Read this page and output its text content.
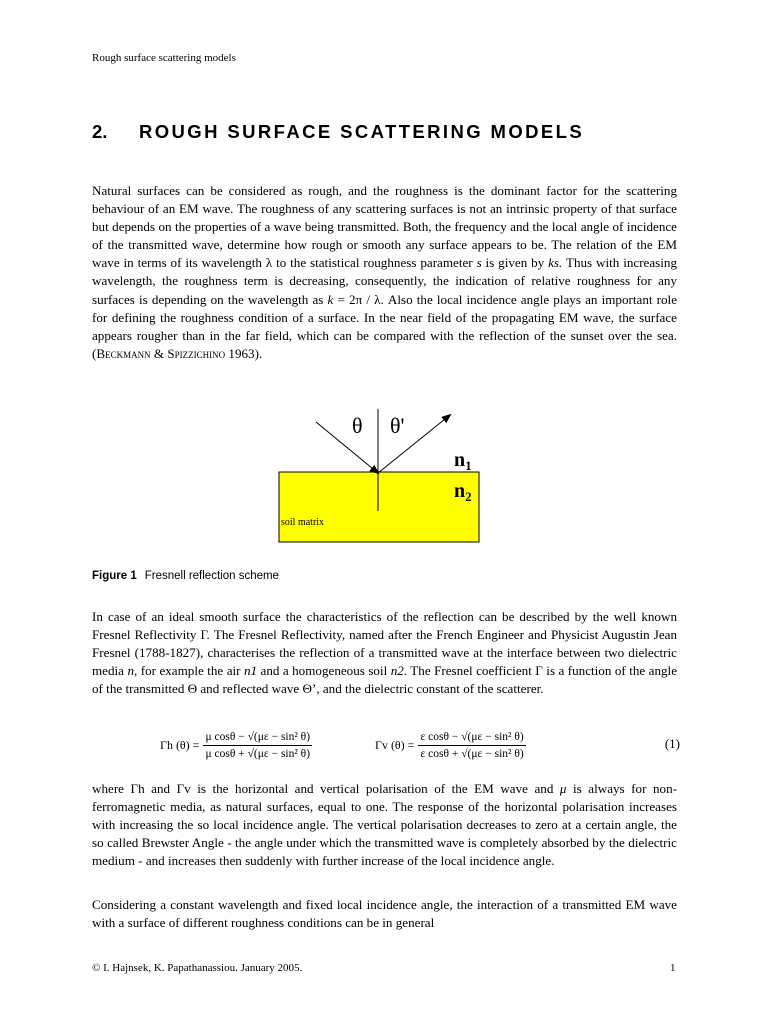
Rough surface scattering models
2. ROUGH SURFACE SCATTERING MODELS

Natural surfaces can be considered as rough, and the roughness is the dominant factor for the scattering behaviour of an EM wave. The roughness of any scattering surfaces is not an intrinsic property of that surface but depends on the properties of a wave being transmitted. Both, the frequency and the local angle of incidence of the transmitted wave, determine how rough or smooth any surface appears to be. The relation of the EM wave in terms of its wavelength λ to the statistical roughness parameter s is given by ks. Thus with increasing wavelength, the roughness term is decreasing, consequently, the indication of relative roughness for any surfaces is depending on the wavelength as k = 2π / λ. Also the local incidence angle plays an important role for defining the roughness condition of a surface. In the near field of the propagating EM wave, the surface appears rougher than in the far field, which can be compared with the reflection of the sunset over the sea. (Beckmann & Spizzichino 1963).

θ θ'
$n_1$
$n_2$
soil matrix
Figure 1 Fresnell reflection scheme

In case of an ideal smooth surface the characteristics of the reflection can be described by the well known Fresnel Reflectivity Γ. The Fresnel Reflectivity, named after the French Engineer and Physicist Augustin Jean Fresnel (1788-1827), characterises the reflection of a transmitted wave at the interface between two dielectric media n, for example the air n1 and a homogeneous soil n2. The Fresnel coefficient Γ is a function of the angle of the transmitted Θ and reflected wave Θ’, and the dielectric constant of the scatterer.

Γh $(\theta) = \frac{\text{μ cosθ − √(με − sin² θ)}}{\text{μ cosθ + √(με − sin² θ)}}$	Γv $(\theta) = \frac{\text{ε cosθ − √(με − sin² θ)}}{\text{ε cosθ + √(με − sin² θ)}}$	(1)

where Γh and Γv is the horizontal and vertical polarisation of the EM wave and μ is always for non-ferromagnetic media, as natural surfaces, equal to one. The response of the horizontal polarisation increases with increasing the so local incidence angle. The vertical polarisation decreases to zero at a certain angle, the so called Brewster Angle - the angle under which the transmitted wave is completely absorbed by the dielectric medium - and increases then suddenly with further increase of the local incidence angle.

Considering a constant wavelength and fixed local incidence angle, the interaction of a transmitted EM wave with a surface of different roughness conditions can be in general

© I. Hajnsek, K. Papathanassiou. January 2005.	1
